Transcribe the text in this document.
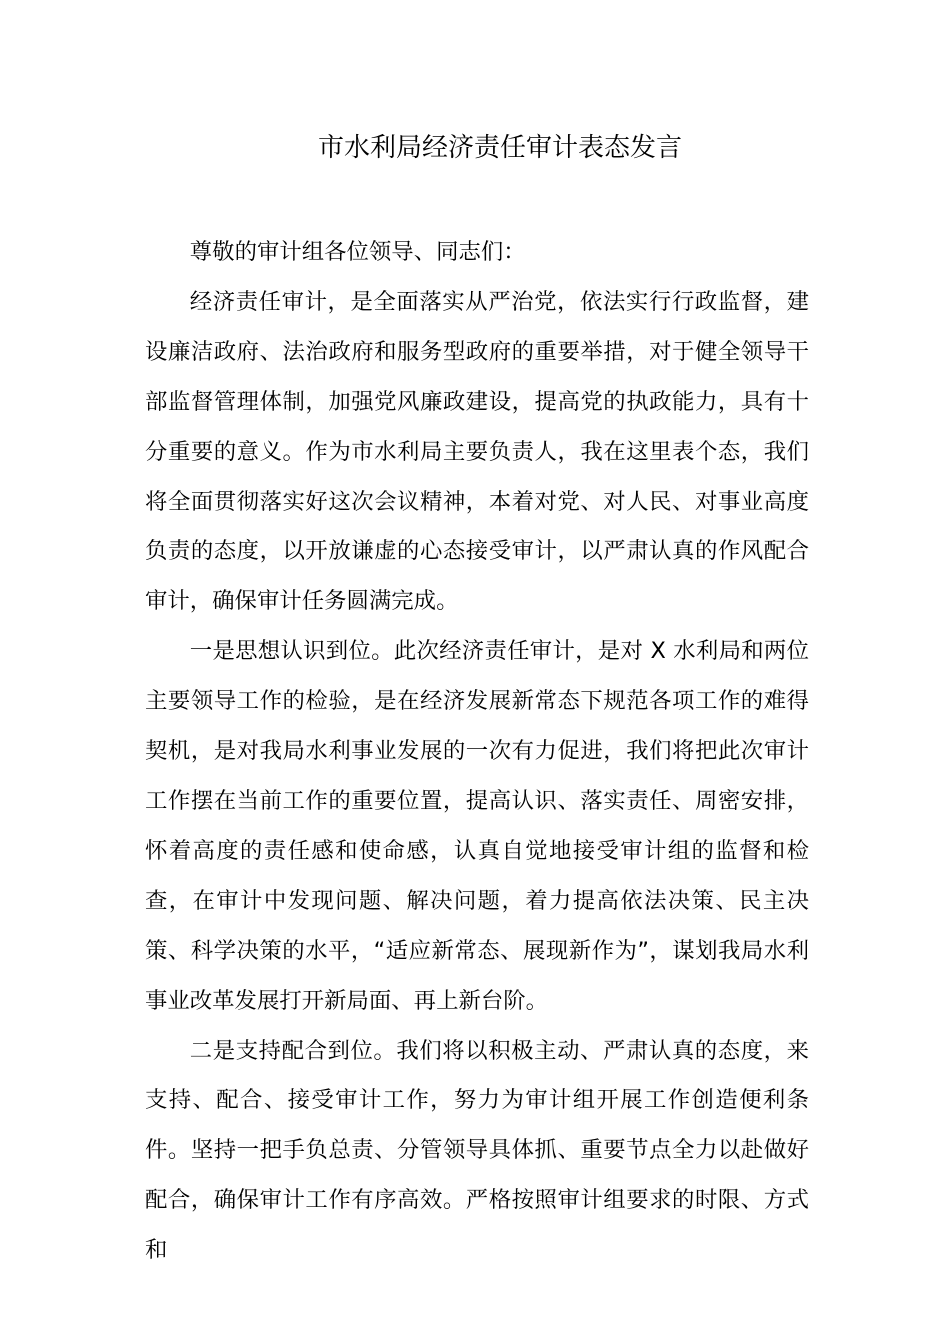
市水利局经济责任审计表态发言

尊敬的审计组各位领导、同志们：

经济责任审计，是全面落实从严治党，依法实行行政监督，建设廉洁政府、法治政府和服务型政府的重要举措，对于健全领导干部监督管理体制，加强党风廉政建设，提高党的执政能力，具有十分重要的意义。作为市水利局主要负责人，我在这里表个态，我们将全面贯彻落实好这次会议精神，本着对党、对人民、对事业高度负责的态度，以开放谦虚的心态接受审计，以严肃认真的作风配合审计，确保审计任务圆满完成。

一是思想认识到位。此次经济责任审计，是对 X 水利局和两位主要领导工作的检验，是在经济发展新常态下规范各项工作的难得契机，是对我局水利事业发展的一次有力促进，我们将把此次审计工作摆在当前工作的重要位置，提高认识、落实责任、周密安排，怀着高度的责任感和使命感，认真自觉地接受审计组的监督和检查，在审计中发现问题、解决问题，着力提高依法决策、民主决策、科学决策的水平，“适应新常态、展现新作为”，谋划我局水利事业改革发展打开新局面、再上新台阶。

二是支持配合到位。我们将以积极主动、严肃认真的态度，来支持、配合、接受审计工作，努力为审计组开展工作创造便利条件。坚持一把手负总责、分管领导具体抓、重要节点全力以赴做好配合，确保审计工作有序高效。严格按照审计组要求的时限、方式和
